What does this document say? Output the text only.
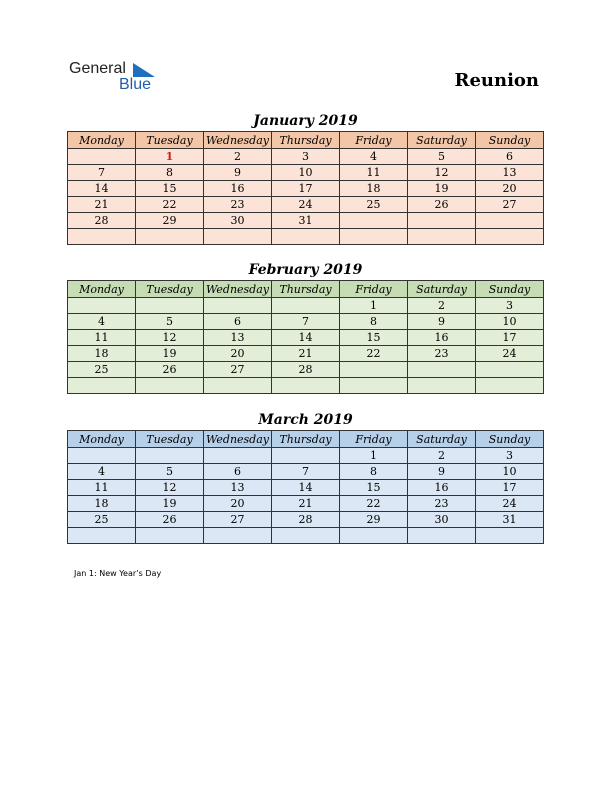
General
Blue	Reunion
January 2019
Monday	Tuesday	Wednesday	Thursday	Friday	Saturday	Sunday
	1	2	3	4	5	6
7	8	9	10	11	12	13
14	15	16	17	18	19	20
21	22	23	24	25	26	27
28	29	30	31			

February 2019
Monday	Tuesday	Wednesday	Thursday	Friday	Saturday	Sunday
				1	2	3
4	5	6	7	8	9	10
11	12	13	14	15	16	17
18	19	20	21	22	23	24
25	26	27	28			

March 2019
Monday	Tuesday	Wednesday	Thursday	Friday	Saturday	Sunday
				1	2	3
4	5	6	7	8	9	10
11	12	13	14	15	16	17
18	19	20	21	22	23	24
25	26	27	28	29	30	31

Jan 1: New Year’s Day
